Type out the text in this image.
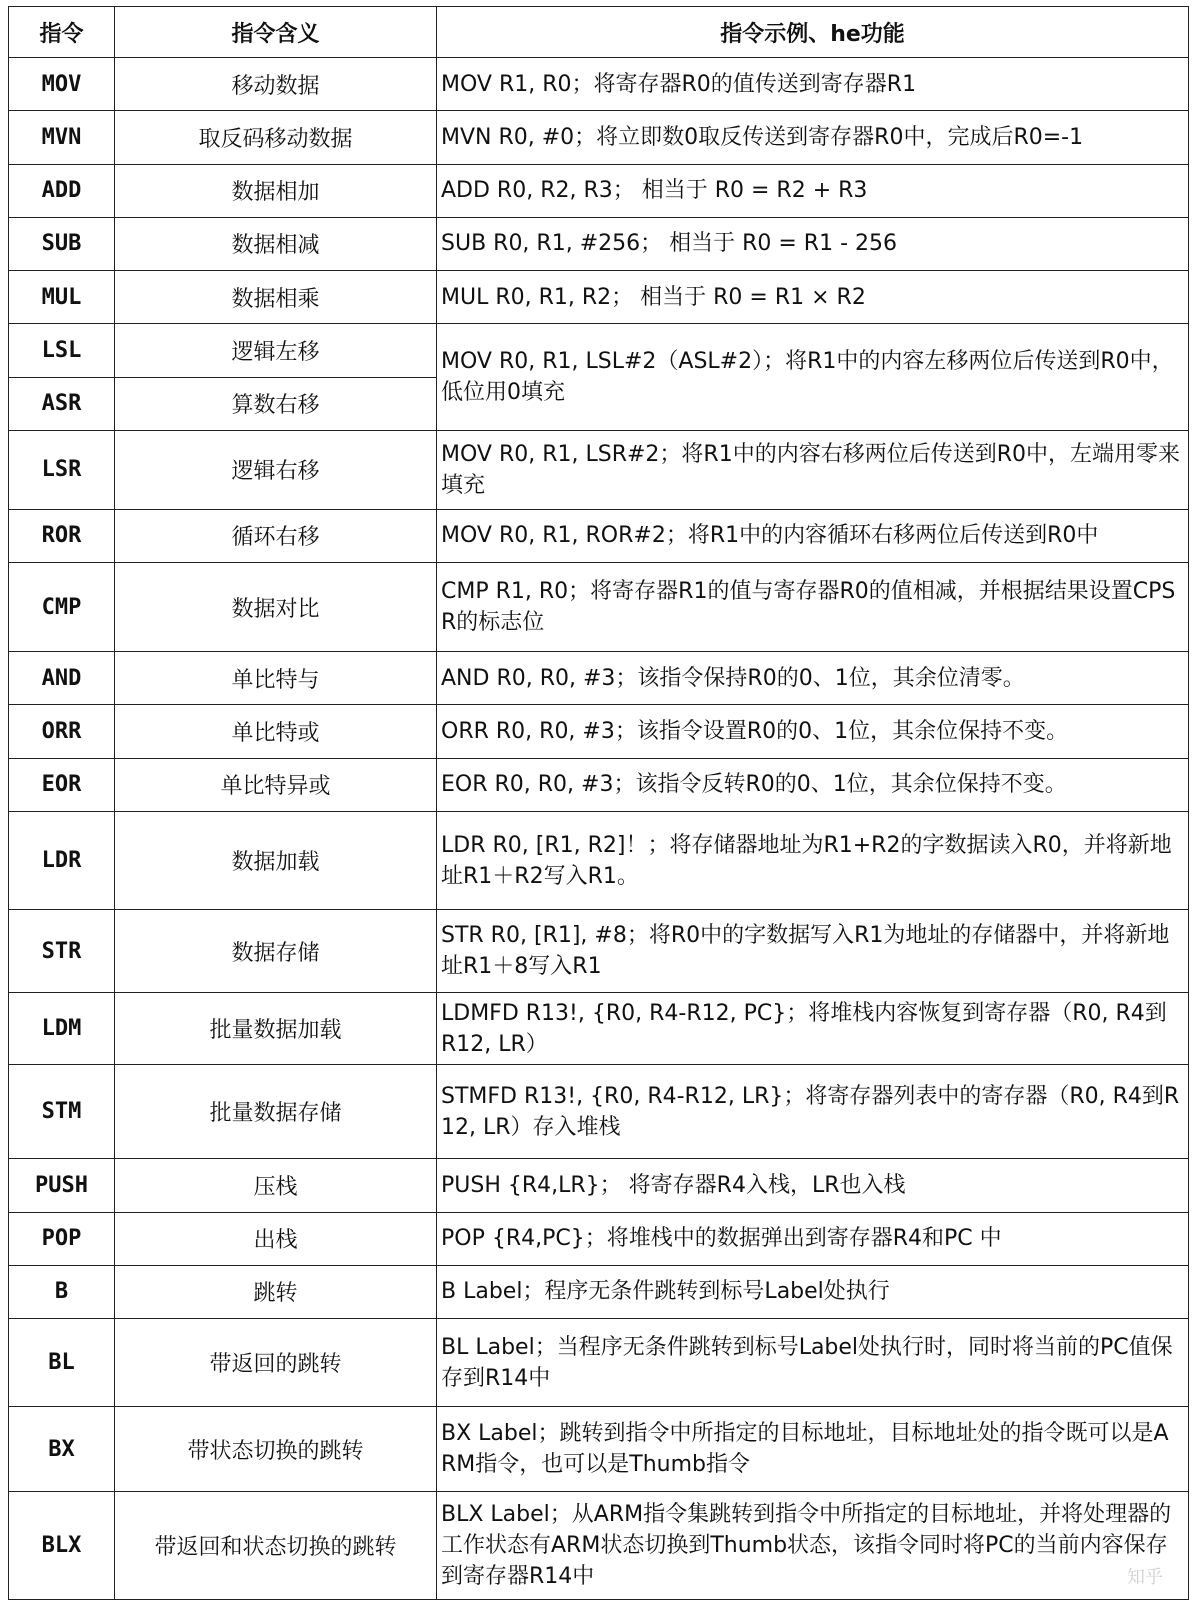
指令	指令含义	指令示例、he功能
MOV	移动数据	MOV R1, R0；将寄存器R0的值传送到寄存器R1
MVN	取反码移动数据	MVN R0, #0；将立即数0取反传送到寄存器R0中，完成后R0=-1
ADD	数据相加	ADD R0, R2, R3； 相当于 R0 = R2 + R3
SUB	数据相减	SUB R0, R1, #256； 相当于 R0 = R1 - 256
MUL	数据相乘	MUL R0, R1, R2； 相当于 R0 = R1 × R2
LSL	逻辑左移	MOV R0, R1, LSL#2（ASL#2）；将R1中的内容左移两位后传送到R0中，低位用0填充
ASR	算数右移	
LSR	逻辑右移	MOV R0, R1, LSR#2；将R1中的内容右移两位后传送到R0中，左端用零来填充
ROR	循环右移	MOV R0, R1, ROR#2；将R1中的内容循环右移两位后传送到R0中
CMP	数据对比	CMP R1, R0；将寄存器R1的值与寄存器R0的值相减，并根据结果设置CPSR的标志位
AND	单比特与	AND R0, R0, #3；该指令保持R0的0、1位，其余位清零。
ORR	单比特或	ORR R0, R0, #3；该指令设置R0的0、1位，其余位保持不变。
EOR	单比特异或	EOR R0, R0, #3；该指令反转R0的0、1位，其余位保持不变。
LDR	数据加载	LDR R0, [R1, R2]！；将存储器地址为R1+R2的字数据读入R0，并将新地址R1＋R2写入R1。
STR	数据存储	STR R0, [R1], #8；将R0中的字数据写入R1为地址的存储器中，并将新地址R1＋8写入R1
LDM	批量数据加载	LDMFD R13!, {R0, R4-R12, PC}；将堆栈内容恢复到寄存器（R0, R4到R12, LR）
STM	批量数据存储	STMFD R13!, {R0, R4-R12, LR}；将寄存器列表中的寄存器（R0, R4到R12, LR）存入堆栈
PUSH	压栈	PUSH {R4,LR}； 将寄存器R4入栈，LR也入栈
POP	出栈	POP {R4,PC}；将堆栈中的数据弹出到寄存器R4和PC 中
B	跳转	B Label；程序无条件跳转到标号Label处执行
BL	带返回的跳转	BL Label；当程序无条件跳转到标号Label处执行时，同时将当前的PC值保存到R14中
BX	带状态切换的跳转	BX Label；跳转到指令中所指定的目标地址，目标地址处的指令既可以是ARM指令，也可以是Thumb指令
BLX	带返回和状态切换的跳转	BLX Label；从ARM指令集跳转到指令中所指定的目标地址，并将处理器的工作状态有ARM状态切换到Thumb状态，该指令同时将PC的当前内容保存到寄存器R14中	知乎
